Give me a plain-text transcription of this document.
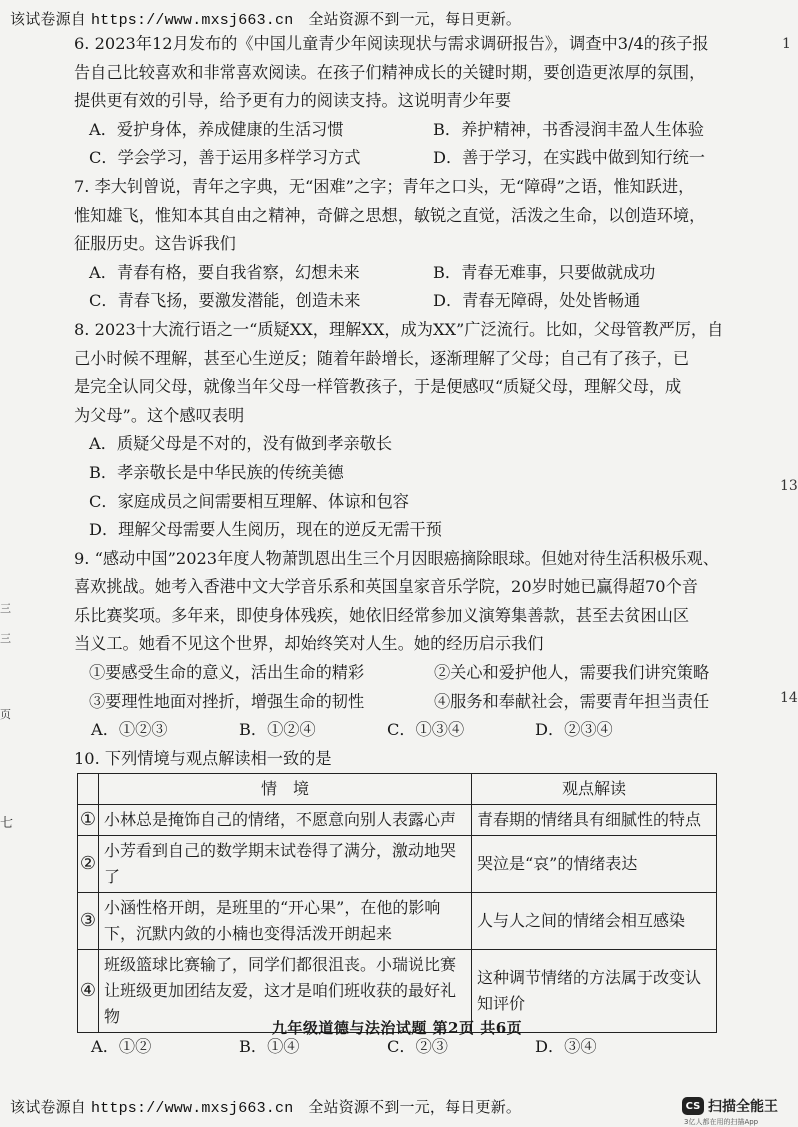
该试卷源自 https://www.mxsj663.cn 全站资源不到一元，每日更新。
6. 2023年12月发布的《中国儿童青少年阅读现状与需求调研报告》，调查中3/4的孩子报
告自己比较喜欢和非常喜欢阅读。在孩子们精神成长的关键时期，要创造更浓厚的氛围，
提供更有效的引导，给予更有力的阅读支持。这说明青少年要
A．爱护身体，养成健康的生活习惯	B．养护精神，书香浸润丰盈人生体验
C．学会学习，善于运用多样学习方式	D．善于学习，在实践中做到知行统一
7. 李大钊曾说，青年之字典，无“困难”之字；青年之口头，无“障碍”之语，惟知跃进，
惟知雄飞，惟知本其自由之精神，奇僻之思想，敏锐之直觉，活泼之生命，以创造环境，
征服历史。这告诉我们
A．青春有格，要自我省察，幻想未来	B．青春无难事，只要做就成功
C．青春飞扬，要激发潜能，创造未来	D．青春无障碍，处处皆畅通
8. 2023十大流行语之一“质疑XX，理解XX，成为XX”广泛流行。比如，父母管教严厉，自
己小时候不理解，甚至心生逆反；随着年龄增长，逐渐理解了父母；自己有了孩子，已
是完全认同父母，就像当年父母一样管教孩子，于是便感叹“质疑父母，理解父母，成
为父母”。这个感叹表明
A．质疑父母是不对的，没有做到孝亲敬长
B．孝亲敬长是中华民族的传统美德
C．家庭成员之间需要相互理解、体谅和包容
D．理解父母需要人生阅历，现在的逆反无需干预
9. “感动中国”2023年度人物萧凯恩出生三个月因眼癌摘除眼球。但她对待生活积极乐观、
喜欢挑战。她考入香港中文大学音乐系和英国皇家音乐学院，20岁时她已赢得超70个音
乐比赛奖项。多年来，即使身体残疾，她依旧经常参加义演筹集善款，甚至去贫困山区
当义工。她看不见这个世界，却始终笑对人生。她的经历启示我们
①要感受生命的意义，活出生命的精彩	②关心和爱护他人，需要我们讲究策略
③要理性地面对挫折，增强生命的韧性	④服务和奉献社会，需要青年担当责任
A．①②③	B．①②④	C．①③④	D．②③④
10. 下列情境与观点解读相一致的是
	情　境	观点解读
①	小林总是掩饰自己的情绪，不愿意向别人表露心声	青春期的情绪具有细腻性的特点
②	小芳看到自己的数学期末试卷得了满分，激动地哭了	哭泣是“哀”的情绪表达
③	小涵性格开朗，是班里的“开心果”，在他的影响下，沉默内敛的小楠也变得活泼开朗起来	人与人之间的情绪会相互感染
④	班级篮球比赛输了，同学们都很沮丧。小瑞说比赛让班级更加团结友爱，这才是咱们班收获的最好礼物	这种调节情绪的方法属于改变认知评价
A．①②	B．①④	C．②③	D．③④
九年级道德与法治试题 第2页 共6页
该试卷源自 https://www.mxsj663.cn 全站资源不到一元，每日更新。
1
13
14
三
三
页
七
CS 扫描全能王
3亿人都在用的扫描App
